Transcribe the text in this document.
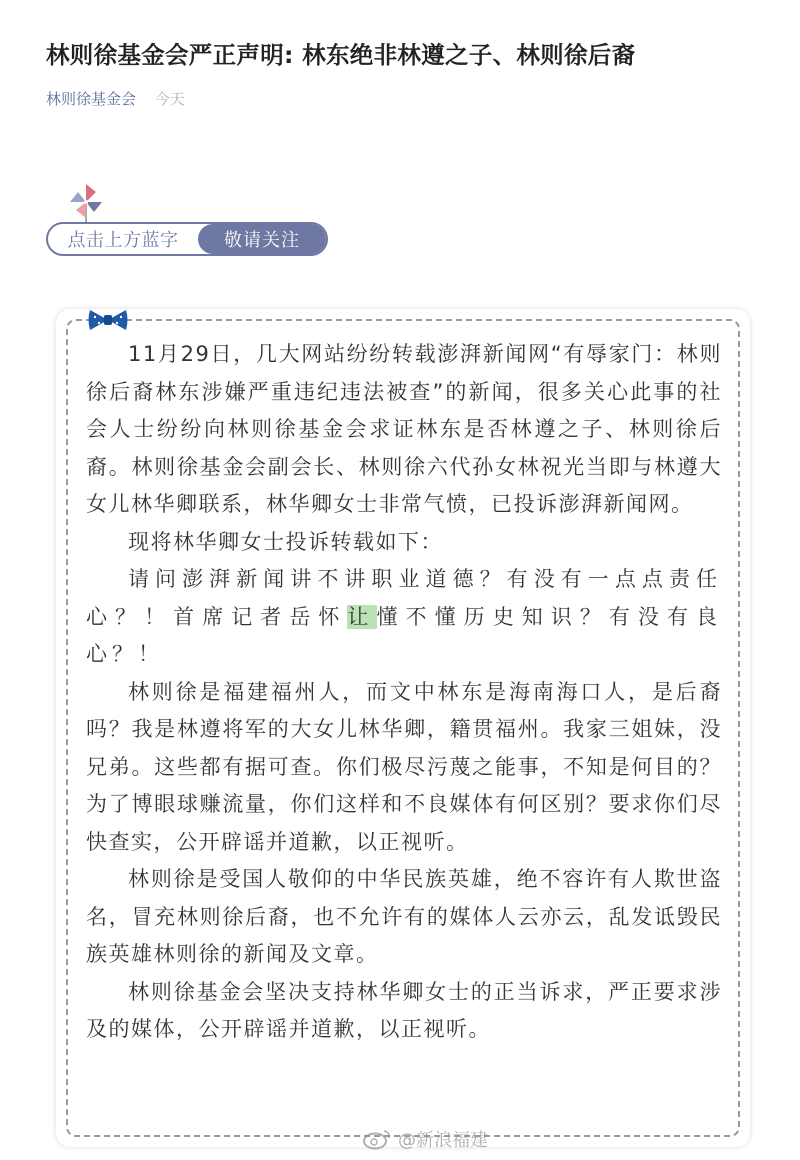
林则徐基金会严正声明: 林东绝非林遵之子、林则徐后裔
林则徐基金会 今天
点击上方蓝字	敬请关注

11月29日，几大网站纷纷转载澎湃新闻网“有辱家门：林则徐后裔林东涉嫌严重违纪违法被查”的新闻，很多关心此事的社会人士纷纷向林则徐基金会求证林东是否林遵之子、林则徐后裔。林则徐基金会副会长、林则徐六代孙女林祝光当即与林遵大女儿林华卿联系，林华卿女士非常气愤，已投诉澎湃新闻网。

现将林华卿女士投诉转载如下：

请问澎湃新闻讲不讲职业道德？有没有一点点责任心？！首席记者岳怀让懂不懂历史知识？有没有良心？！

林则徐是福建福州人，而文中林东是海南海口人，是后裔吗？我是林遵将军的大女儿林华卿，籍贯福州。我家三姐妹，没兄弟。这些都有据可查。你们极尽污蔑之能事，不知是何目的？为了博眼球赚流量，你们这样和不良媒体有何区别？要求你们尽快查实，公开辟谣并道歉，以正视听。

林则徐是受国人敬仰的中华民族英雄，绝不容许有人欺世盗名，冒充林则徐后裔，也不允许有的媒体人云亦云，乱发诋毁民族英雄林则徐的新闻及文章。

林则徐基金会坚决支持林华卿女士的正当诉求，严正要求涉及的媒体，公开辟谣并道歉，以正视听。

@新浪福建
